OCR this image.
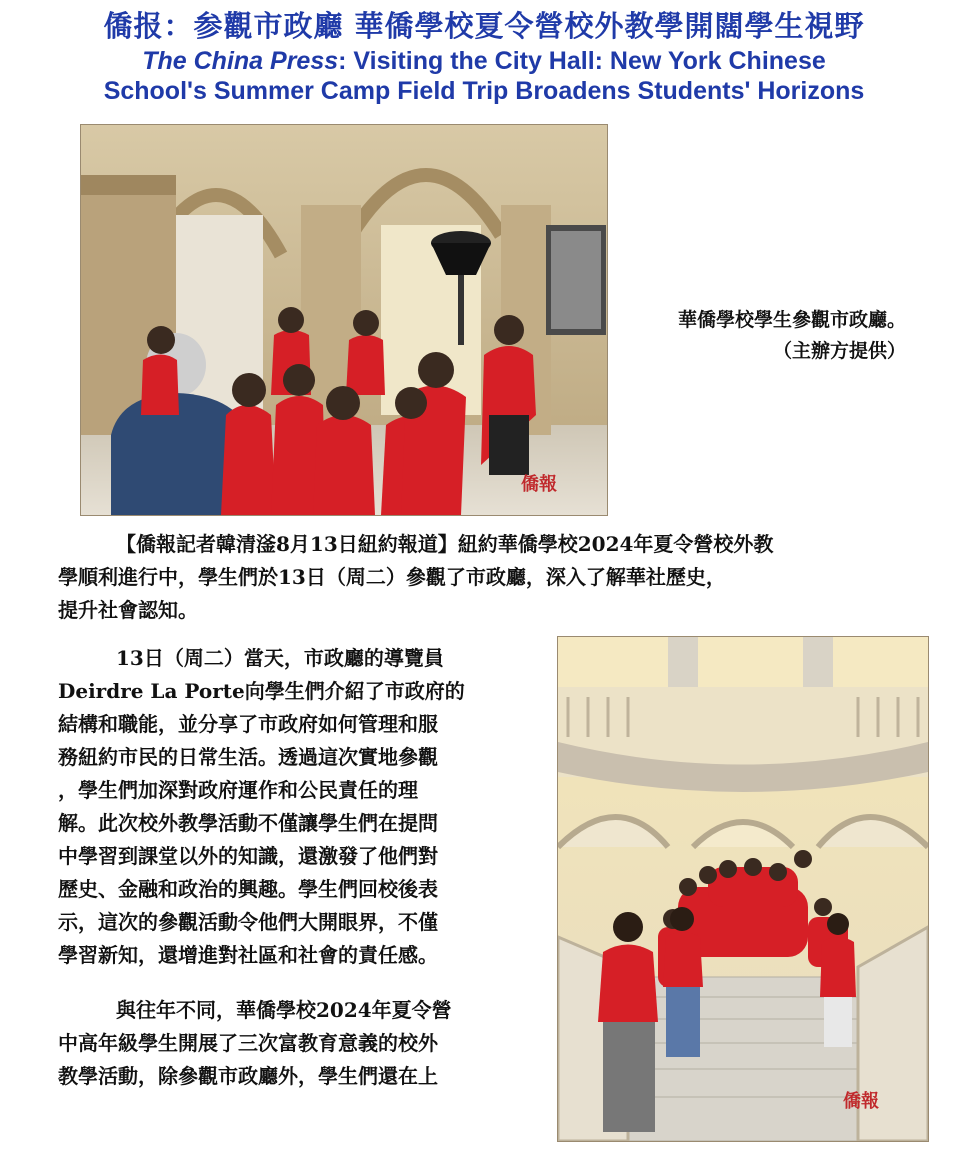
僑报：参觀市政廳 華僑學校夏令營校外教學開闊學生視野
The China Press: Visiting the City Hall: New York Chinese
School's Summer Camp Field Trip Broadens Students' Horizons
僑報
華僑學校學生參觀市政廳。
（主辦方提供）
【僑報記者韓清滏8月13日紐約報道】紐約華僑學校2024年夏令營校外教
學順利進行中，學生們於13日（周二）參觀了市政廳，深入了解華社歷史，
提升社會認知。
13日（周二）當天，市政廳的導覽員
Deirdre La Porte向學生們介紹了市政府的
結構和職能，並分享了市政府如何管理和服
務紐約市民的日常生活。透過這次實地參觀
，學生們加深對政府運作和公民責任的理
解。此次校外教學活動不僅讓學生們在提問
中學習到課堂以外的知識，還激發了他們對
歷史、金融和政治的興趣。學生們回校後表
示，這次的參觀活動令他們大開眼界，不僅
學習新知，還增進對社區和社會的責任感。
與往年不同，華僑學校2024年夏令營
中高年級學生開展了三次富教育意義的校外
教學活動，除參觀市政廳外，學生們還在上
僑報
